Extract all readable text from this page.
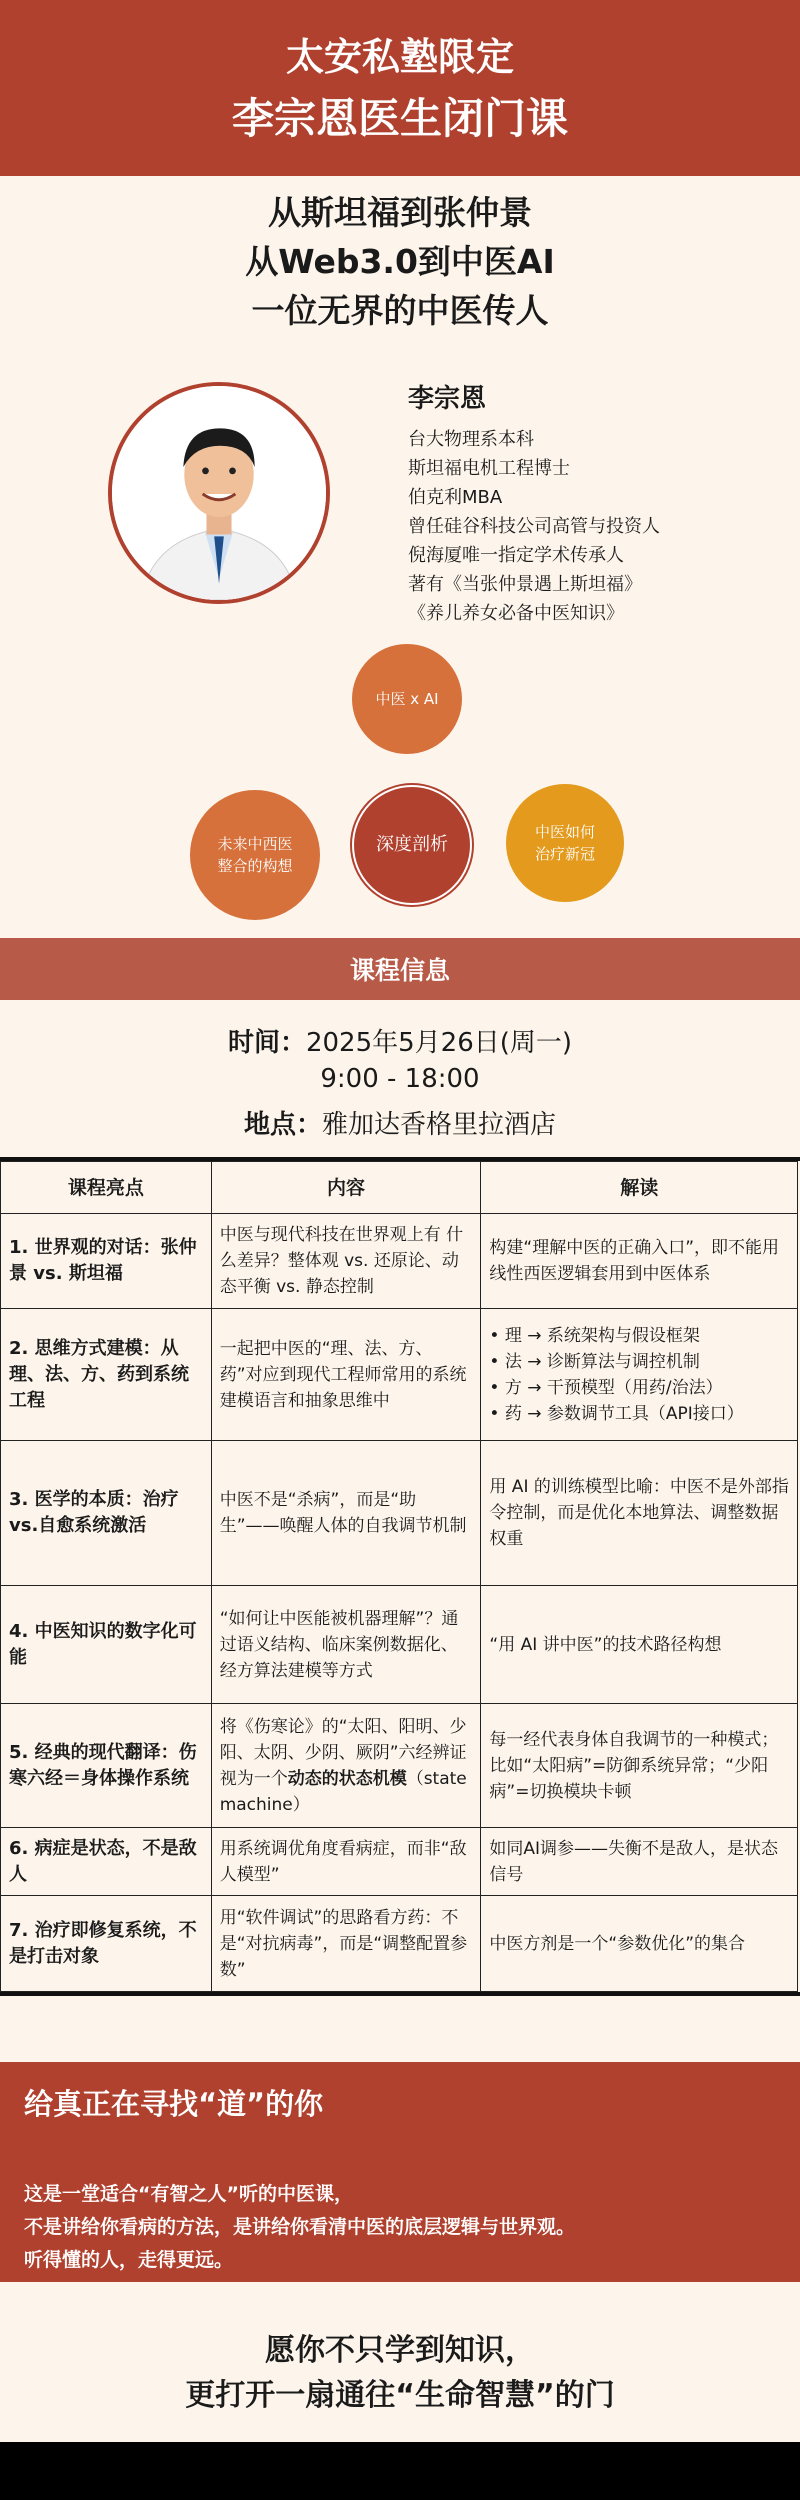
太安私塾限定
李宗恩医生闭门课
从斯坦福到张仲景
从Web3.0到中医AI
一位无界的中医传人
李宗恩
台大物理系本科
斯坦福电机工程博士
伯克利MBA
曾任硅谷科技公司高管与投资人
倪海厦唯一指定学术传承人
著有《当张仲景遇上斯坦福》
《养儿养女必备中医知识》
中医 x AI
未来中西医
整合的构想
中医如何
治疗新冠
深度剖析
课程信息
时间：2025年5月26日(周一)
9:00 - 18:00
地点：雅加达香格里拉酒店
课程亮点	内容	解读
1. 世界观的对话：张仲景 vs. 斯坦福	中医与现代科技在世界观上有 什么差异？整体观 vs. 还原论、动态平衡 vs. 静态控制	构建“理解中医的正确入口”，即不能用线性西医逻辑套用到中医体系
2. 思维方式建模：从理、法、方、药到系统工程	一起把中医的“理、法、方、药”对应到现代工程师常用的系统建模语言和抽象思维中	• 理 → 系统架构与假设框架
• 法 → 诊断算法与调控机制
• 方 → 干预模型（用药/治法）
• 药 → 参数调节工具（API接口）

3. 医学的本质：治疗vs.自愈系统激活	中医不是“杀病”，而是“助生”——唤醒人体的自我调节机制	用 AI 的训练模型比喻：中医不是外部指令控制，而是优化本地算法、调整数据权重
4. 中医知识的数字化可能	“如何让中医能被机器理解”？通过语义结构、临床案例数据化、经方算法建模等方式	“用 AI 讲中医”的技术路径构想
5. 经典的现代翻译：伤寒六经＝身体操作系统	将《伤寒论》的“太阳、阳明、少阳、太阴、少阴、厥阴”六经辨证视为一个动态的状态机模（state machine）	每一经代表身体自我调节的一种模式；比如“太阳病”=防御系统异常；“少阳病”=切换模块卡顿
6. 病症是状态，不是敌人	用系统调优角度看病症，而非“敌人模型”	如同AI调参——失衡不是敌人，是状态信号
7. 治疗即修复系统，不是打击对象	用“软件调试”的思路看方药：不是“对抗病毒”，而是“调整配置参数”	中医方剂是一个“参数优化”的集合
给真正在寻找“道”的你
这是一堂适合“有智之人”听的中医课，
不是讲给你看病的方法，是讲给你看清中医的底层逻辑与世界观。
听得懂的人，走得更远。
愿你不只学到知识，
更打开一扇通往“生命智慧”的门
